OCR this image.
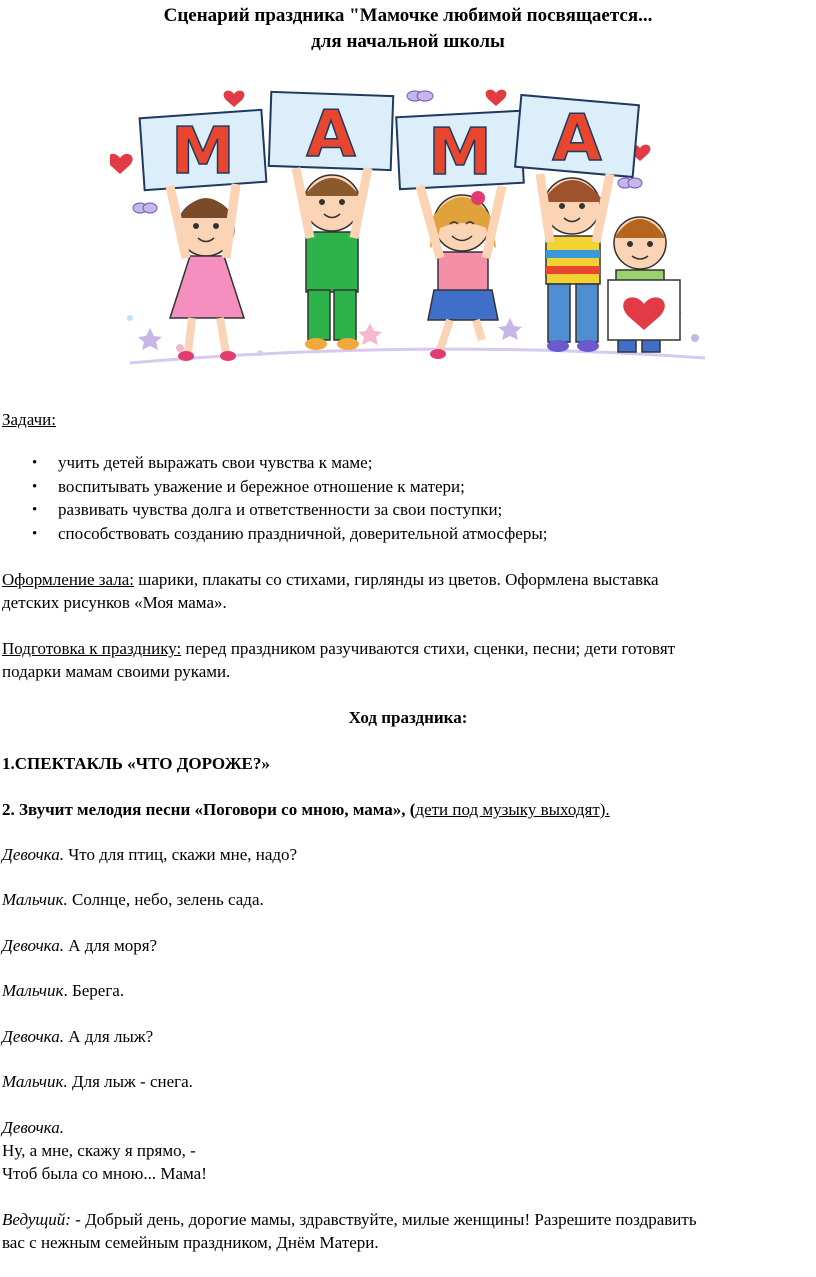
Сценарий праздника "Мамочке любимой посвящается...
для начальной школы
М А М А
Задачи:
• учить детей выражать свои чувства к маме;
• воспитывать уважение и бережное отношение к матери;
• развивать чувства долга и ответственности за свои поступки;
• способствовать созданию праздничной, доверительной атмосферы;
Оформление зала: шарики, плакаты со стихами, гирлянды из цветов. Оформлена выставка
детских рисунков «Моя мама».
Подготовка к празднику: перед праздником разучиваются стихи, сценки, песни; дети готовят
подарки мамам своими руками.
Ход праздника:
1.СПЕКТАКЛЬ «ЧТО ДОРОЖЕ?»
2. Звучит мелодия песни «Поговори со мною, мама», (дети под музыку выходят).
Девочка. Что для птиц, скажи мне, надо?
Мальчик. Солнце, небо, зелень сада.
Девочка. А для моря?
Мальчик. Берега.
Девочка. А для лыж?
Мальчик. Для лыж - снега.
Девочка.
Ну, а мне, скажу я прямо, -
Чтоб была со мною... Мама!
Ведущий: - Добрый день, дорогие мамы, здравствуйте, милые женщины! Разрешите поздравить
вас с нежным семейным праздником, Днём Матери.
